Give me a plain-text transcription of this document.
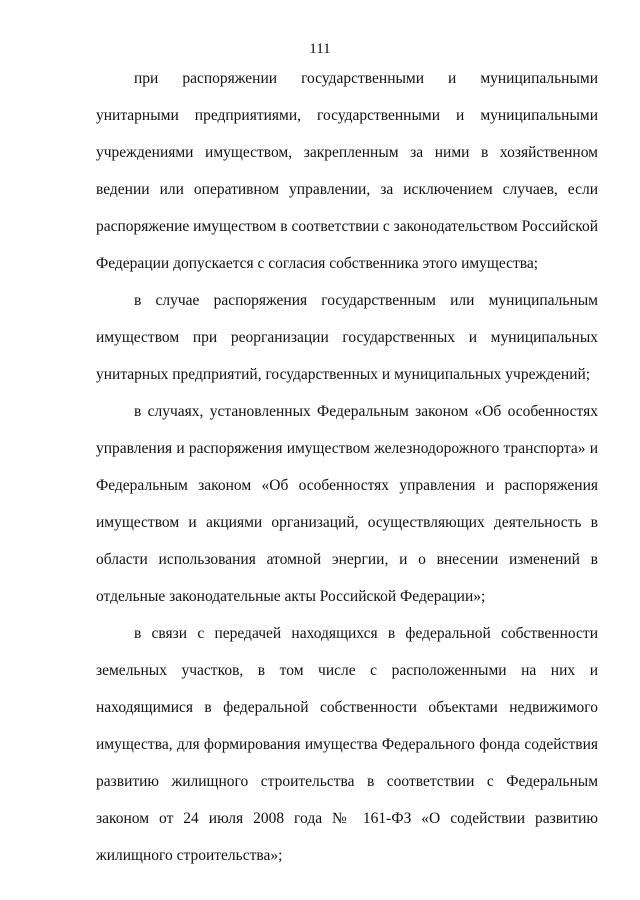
111

при распоряжении государственными и муниципальными унитарными предприятиями, государственными и муниципальными учреждениями имуществом, закрепленным за ними в хозяйственном ведении или оперативном управлении, за исключением случаев, если распоряжение имуществом в соответствии с законодательством Российской Федерации допускается с согласия собственника этого имущества;

в случае распоряжения государственным или муниципальным имуществом при реорганизации государственных и муниципальных унитарных предприятий, государственных и муниципальных учреждений;

в случаях, установленных Федеральным законом «Об особенностях управления и распоряжения имуществом железнодорожного транспорта» и Федеральным законом «Об особенностях управления и распоряжения имуществом и акциями организаций, осуществляющих деятельность в области использования атомной энергии, и о внесении изменений в отдельные законодательные акты Российской Федерации»;

в связи с передачей находящихся в федеральной собственности земельных участков, в том числе с расположенными на них и находящимися в федеральной собственности объектами недвижимого имущества, для формирования имущества Федерального фонда содействия развитию жилищного строительства в соответствии с Федеральным законом от 24 июля 2008 года № 161-ФЗ «О содействии развитию жилищного строительства»;
